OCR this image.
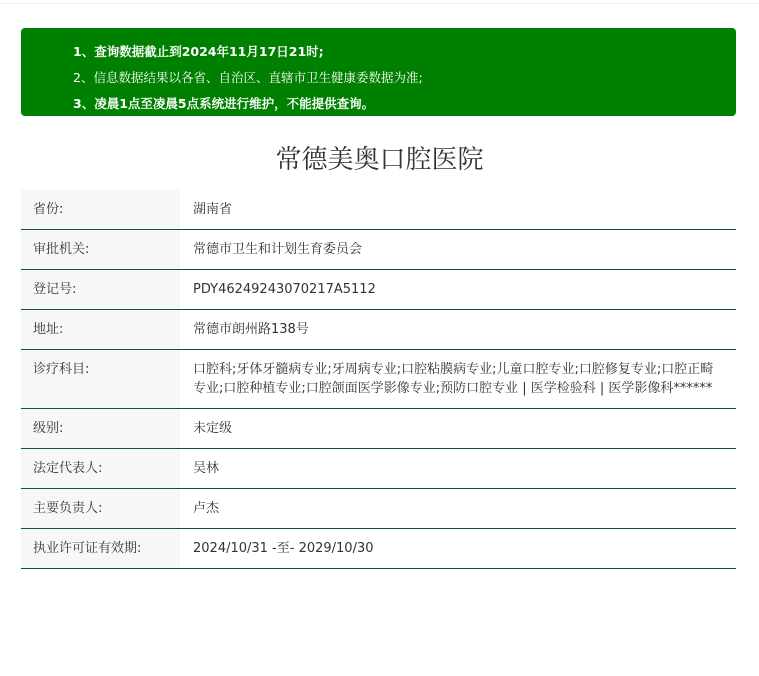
1、查询数据截止到2024年11月17日21时;
2、信息数据结果以各省、自治区、直辖市卫生健康委数据为准;
3、凌晨1点至凌晨5点系统进行维护，不能提供查询。
常德美奥口腔医院
省份:	湖南省
审批机关:	常德市卫生和计划生育委员会
登记号:	PDY46249243070217A5112
地址:	常德市朗州路138号
诊疗科目:	口腔科;牙体牙髓病专业;牙周病专业;口腔粘膜病专业;儿童口腔专业;口腔修复专业;口腔正畸专业;口腔种植专业;口腔颌面医学影像专业;预防口腔专业 | 医学检验科 | 医学影像科******
级别:	未定级
法定代表人:	吴林
主要负责人:	卢杰
执业许可证有效期:	2024/10/31 -至- 2029/10/30
